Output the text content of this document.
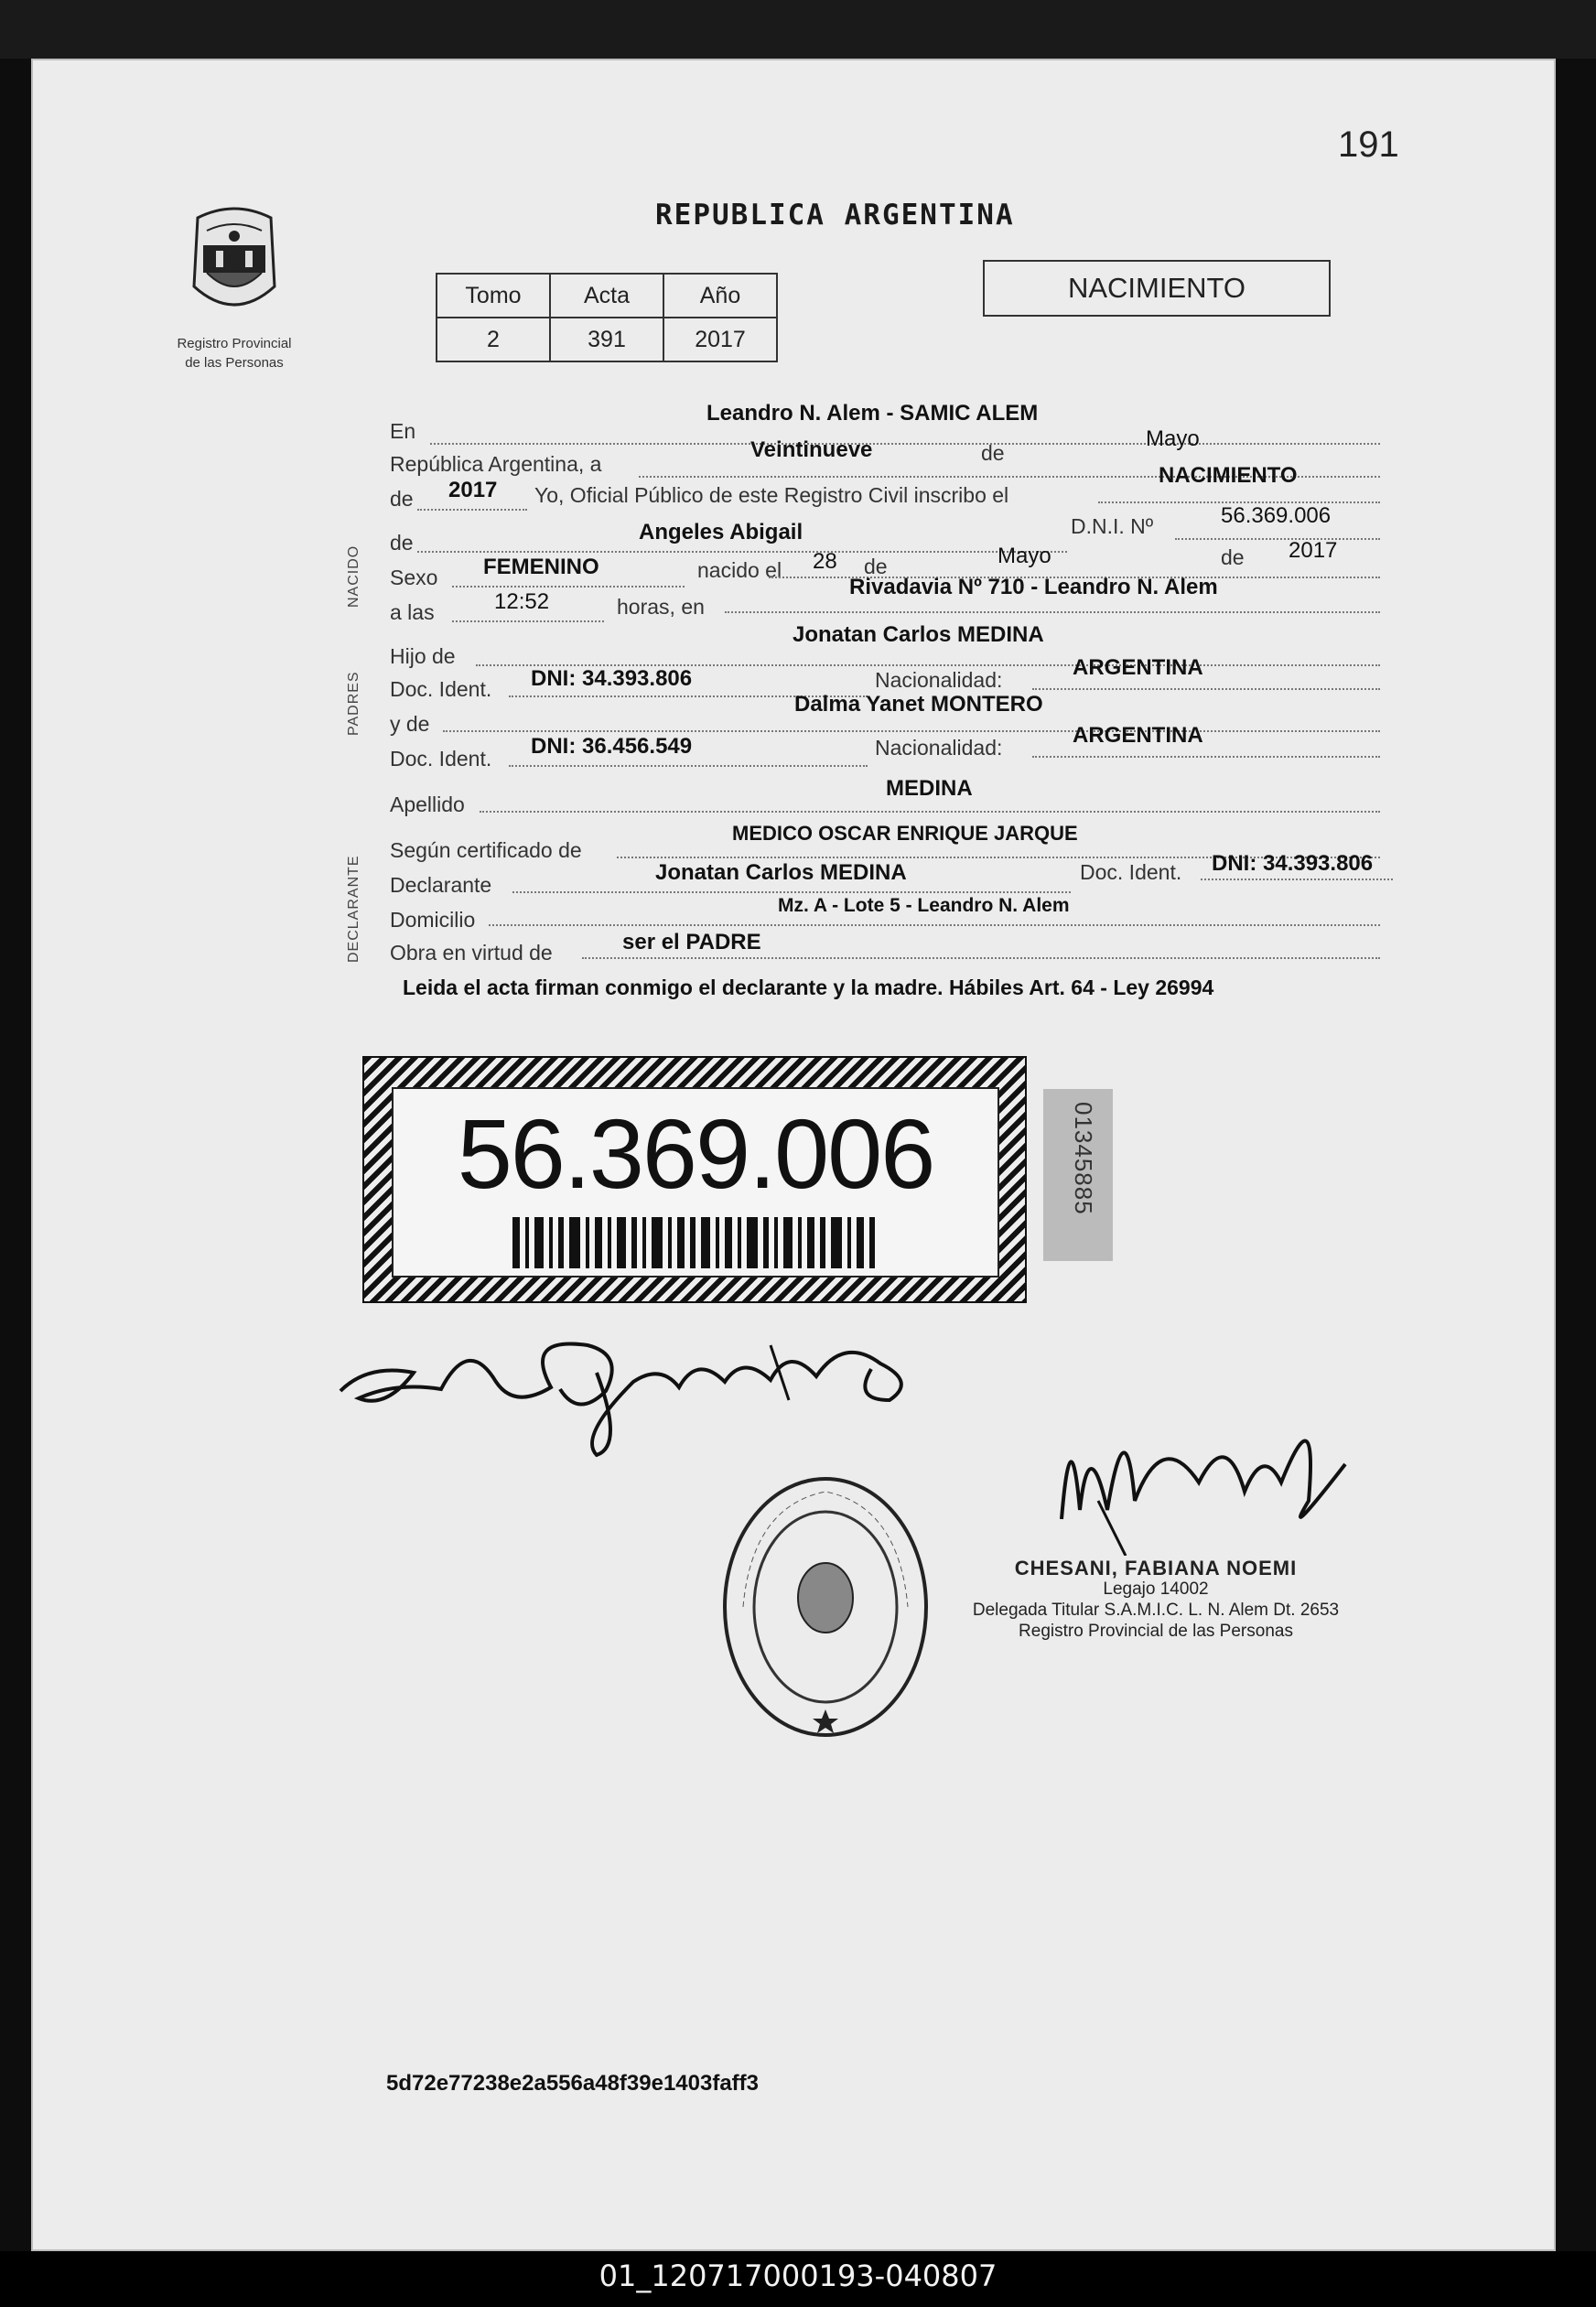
191
Registro Provincial
de las Personas
REPUBLICA ARGENTINA
Tomo	Acta	Año
2	391	2017
NACIMIENTO
NACIDO
PADRES
DECLARANTE
En
Leandro N. Alem - SAMIC ALEM
República Argentina, a
Veintinueve	de
Mayo
de 2017 Yo, Oficial Público de este Registro Civil inscribo el
NACIMIENTO
de	Angeles Abigail	D.N.I. Nº	56.369.006
Sexo FEMENINO	nacido el 28 de	Mayo	de 2017
a las	12:52	horas, en
Rivadavia Nº 710 - Leandro N. Alem
Hijo de
Jonatan Carlos MEDINA
Doc. Ident. DNI: 34.393.806	Nacionalidad:	ARGENTINA
y de
Dalma Yanet MONTERO
Doc. Ident. DNI: 36.456.549	Nacionalidad:	ARGENTINA
Apellido
MEDINA
Según certificado de
MEDICO OSCAR ENRIQUE JARQUE
Declarante	Jonatan Carlos MEDINA	Doc. Ident. DNI: 34.393.806
Domicilio
Mz. A - Lote 5 - Leandro N. Alem
Obra en virtud de	ser el PADRE
Leida el acta firman conmigo el declarante y la madre. Hábiles Art. 64 - Ley 26994
56.369.006	01345885
CHESANI, FABIANA NOEMI
Legajo 14002
Delegada Titular S.A.M.I.C. L. N. Alem Dt. 2653
Registro Provincial de las Personas
5d72e77238e2a556a48f39e1403faff3
01_120717000193-040807
